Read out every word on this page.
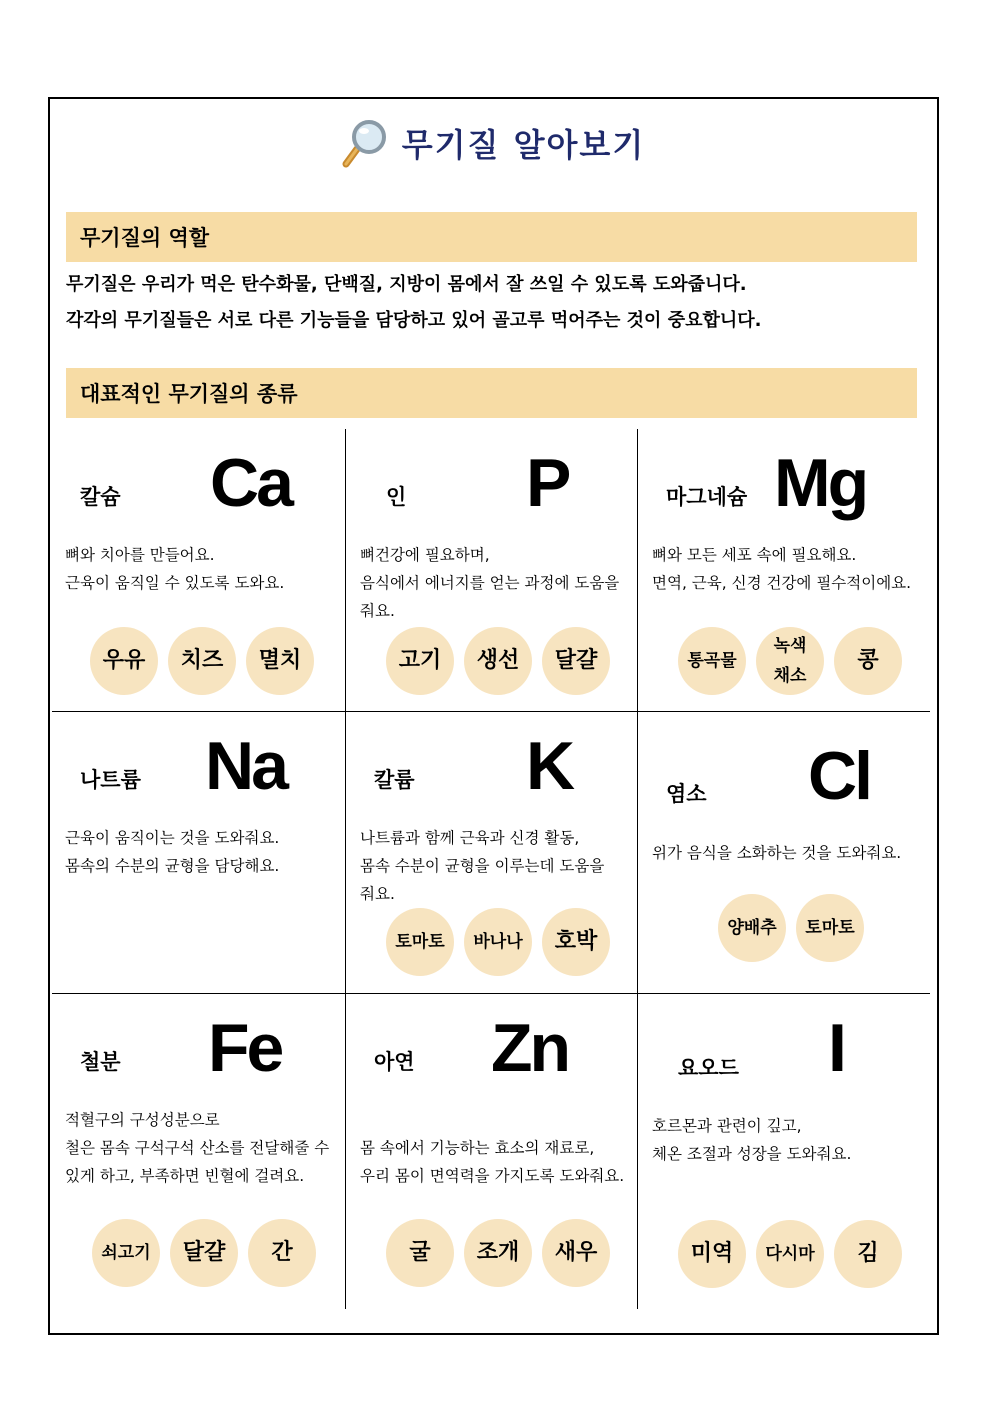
무기질 알아보기
무기질의 역할

무기질은 우리가 먹은 탄수화물, 단백질, 지방이 몸에서 잘 쓰일 수 있도록 도와줍니다.

각각의 무기질들은 서로 다른 기능들을 담당하고 있어 골고루 먹어주는 것이 중요합니다.

대표적인 무기질의 종류
칼슘 Ca

뼈와 치아를 만들어요.

근육이 움직일 수 있도록 도와요.

우유	치즈	멸치
인 P

뼈건강에 필요하며,

음식에서 에너지를 얻는 과정에 도움을

줘요.

고기	생선	달걀
마그네슘 Mg

뼈와 모든 세포 속에 필요해요.

면역, 근육, 신경 건강에 필수적이에요.

통곡물
녹색
채소
콩
나트륨 Na

근육이 움직이는 것을 도와줘요.

몸속의 수분의 균형을 담당해요.

칼륨 K

나트륨과 함께 근육과 신경 활동,

몸속 수분이 균형을 이루는데 도움을

줘요.

토마토	바나나	호박
염소 Cl

위가 음식을 소화하는 것을 도와줘요.

양배추	토마토
철분 Fe

적혈구의 구성성분으로

철은 몸속 구석구석 산소를 전달해줄 수

있게 하고, 부족하면 빈혈에 걸려요.

쇠고기	달걀	간
아연 Zn

몸 속에서 기능하는 효소의 재료로,

우리 몸이 면역력을 가지도록 도와줘요.

굴	조개	새우
요오드 I

호르몬과 관련이 깊고,

체온 조절과 성장을 도와줘요.

미역	다시마	김
